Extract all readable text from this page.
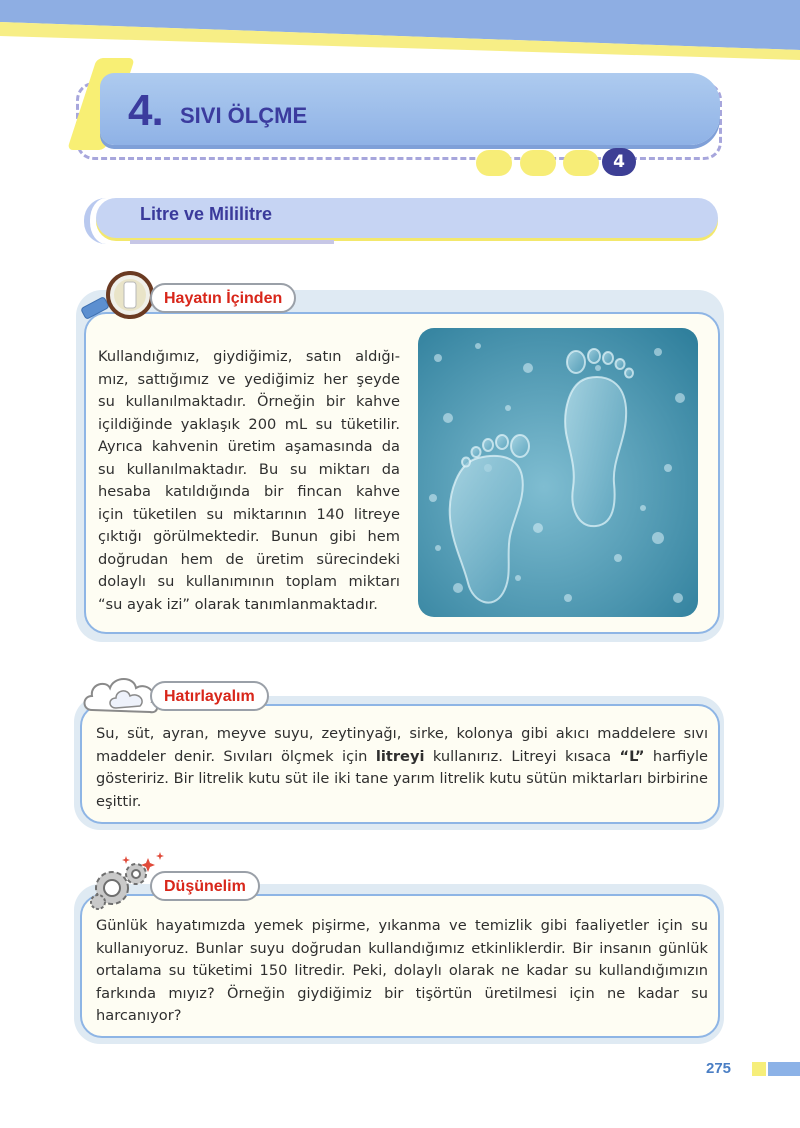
4. SIVI ÖLÇME
4
Litre ve Mililitre
Hayatın İçinden
Kullandığımız, giydiğimiz, satın aldığı-
mız, sattığımız ve yediğimiz her şeyde
su kullanılmaktadır. Örneğin bir kahve
içildiğinde yaklaşık 200 mL su tüketilir.
Ayrıca kahvenin üretim aşamasında da
su kullanılmaktadır. Bu su miktarı da
hesaba katıldığında bir fincan kahve
için tüketilen su miktarının 140 litreye
çıktığı görülmektedir. Bunun gibi hem
doğrudan hem de üretim sürecindeki
dolaylı su kullanımının toplam miktarı
“su ayak izi” olarak tanımlanmaktadır.
Hatırlayalım
Su, süt, ayran, meyve suyu, zeytinyağı, sirke, kolonya gibi akıcı maddelere sıvı maddeler denir. Sıvıları ölçmek için litreyi kullanırız. Litreyi kısaca “L” harfiyle gösteririz. Bir litrelik kutu süt ile iki tane yarım litrelik kutu sütün miktarları birbirine eşittir.
Düşünelim
Günlük hayatımızda yemek pişirme, yıkanma ve temizlik gibi faaliyetler için su kullanıyoruz. Bunlar suyu doğrudan kullandığımız etkinliklerdir. Bir insanın günlük ortalama su tüketimi 150 litredir. Peki, dolaylı olarak ne kadar su kullandığımızın farkında mıyız? Örneğin giydiğimiz bir tişörtün üretilmesi için ne kadar su harcanıyor?
275
